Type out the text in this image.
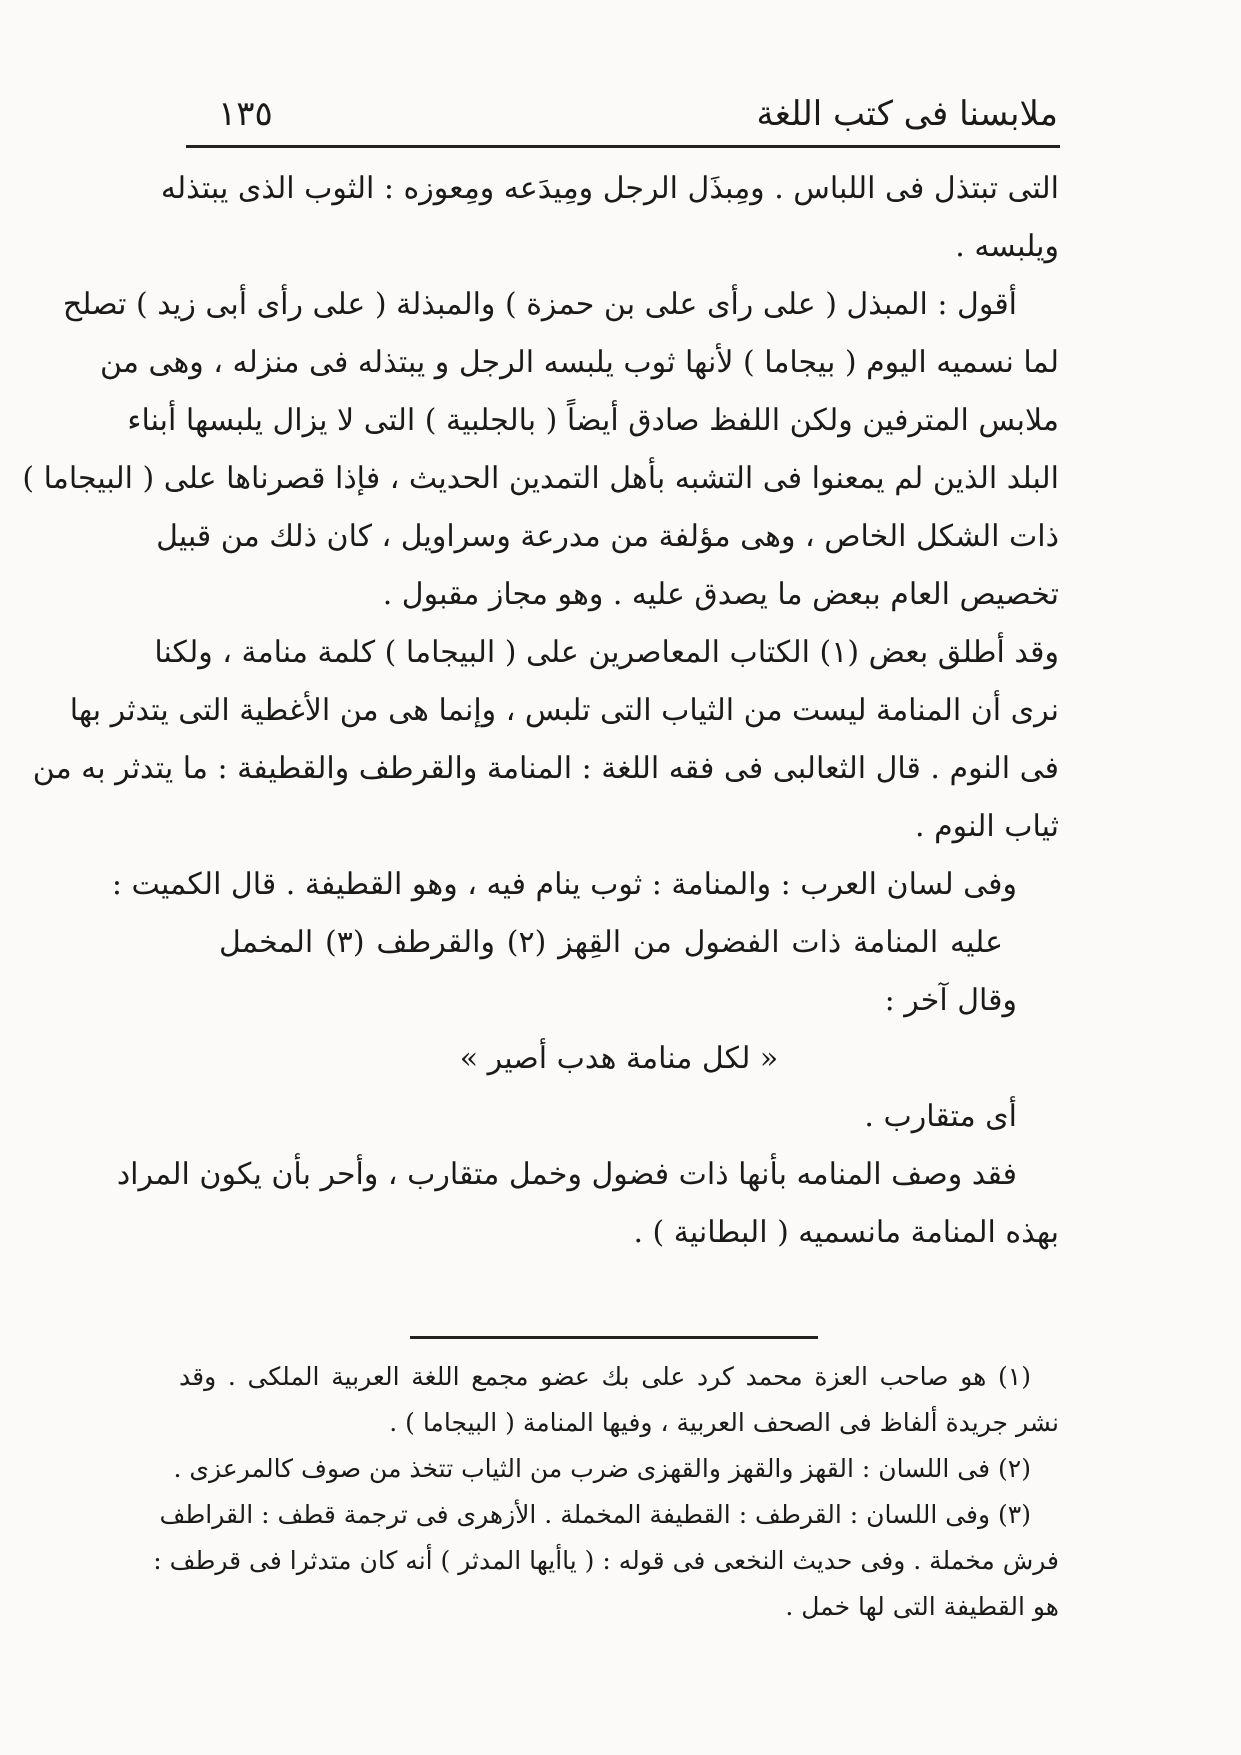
ملابسنا فى كتب اللغة
١٣٥
التى تبتذل فى اللباس . ومِبذَل الرجل ومِيدَعه ومِعوزه : الثوب الذى يبتذله
ويلبسه .
أقول : المبذل ( على رأى على بن حمزة ) والمبذلة ( على رأى أبى زيد ) تصلح
لما نسميه اليوم ( بيجاما ) لأنها ثوب يلبسه الرجل و يبتذله فى منزله ، وهى من
ملابس المترفين ولكن اللفظ صادق أيضاً ( بالجلبية ) التى لا يزال يلبسها أبناء
البلد الذين لم يمعنوا فى التشبه بأهل التمدين الحديث ، فإذا قصرناها على ( البيجاما )
ذات الشكل الخاص ، وهى مؤلفة من مدرعة وسراويل ، كان ذلك من قبيل
تخصيص العام ببعض ما يصدق عليه . وهو مجاز مقبول .
وقد أطلق بعض (١) الكتاب المعاصرين على ( البيجاما ) كلمة منامة ، ولكنا
نرى أن المنامة ليست من الثياب التى تلبس ، وإنما هى من الأغطية التى يتدثر بها
فى النوم . قال الثعالبى فى فقه اللغة : المنامة والقرطف والقطيفة : ما يتدثر به من
ثياب النوم .
وفى لسان العرب : والمنامة : ثوب ينام فيه ، وهو القطيفة . قال الكميت :
عليه المنامة ذات الفضول من القِهز (٢) والقرطف (٣) المخمل
وقال آخر :
« لكل منامة هدب أصير »
أى متقارب .
فقد وصف المنامه بأنها ذات فضول وخمل متقارب ، وأحر بأن يكون المراد
بهذه المنامة مانسميه ( البطانية ) .
(١) هو صاحب العزة محمد كرد على بك عضو مجمع اللغة العربية الملكى . وقد
نشر جريدة ألفاظ فى الصحف العربية ، وفيها المنامة ( البيجاما ) .
(٢) فى اللسان : القهز والقهز والقهزى ضرب من الثياب تتخذ من صوف كالمرعزى .
(٣) وفى اللسان : القرطف : القطيفة المخملة . الأزهرى فى ترجمة قطف : القراطف
فرش مخملة . وفى حديث النخعى فى قوله : ( ياأيها المدثر ) أنه كان متدثرا فى قرطف :
هو القطيفة التى لها خمل .
